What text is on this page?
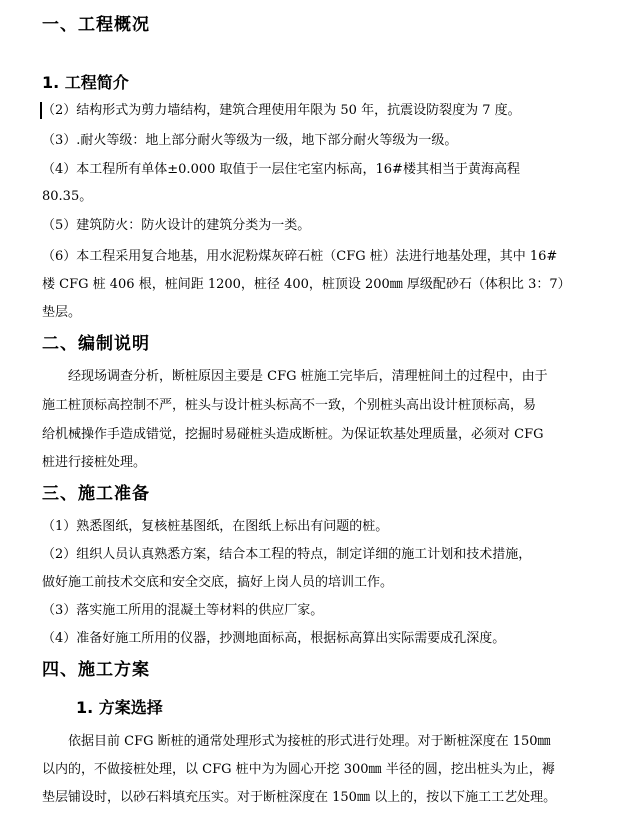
一、工程概况
1. 工程简介
（2）结构形式为剪力墙结构，建筑合理使用年限为 50 年，抗震设防裂度为 7 度。
（3）.耐火等级：地上部分耐火等级为一级，地下部分耐火等级为一级。
（4）本工程所有单体±0.000 取值于一层住宅室内标高，16#楼其相当于黄海高程
80.35。
（5）建筑防火：防火设计的建筑分类为一类。
（6）本工程采用复合地基，用水泥粉煤灰碎石桩（CFG 桩）法进行地基处理，其中 16#
楼 CFG 桩 406 根，桩间距 1200，桩径 400，桩顶设 200㎜ 厚级配砂石（体积比 3：7）
垫层。
二、编制说明
经现场调查分析，断桩原因主要是 CFG 桩施工完毕后，清理桩间土的过程中，由于
施工桩顶标高控制不严，桩头与设计桩头标高不一致，个别桩头高出设计桩顶标高，易
给机械操作手造成错觉，挖掘时易碰桩头造成断桩。为保证软基处理质量，必须对 CFG
桩进行接桩处理。
三、施工准备
（1）熟悉图纸，复核桩基图纸，在图纸上标出有问题的桩。
（2）组织人员认真熟悉方案，结合本工程的特点，制定详细的施工计划和技术措施，
做好施工前技术交底和安全交底，搞好上岗人员的培训工作。
（3）落实施工所用的混凝土等材料的供应厂家。
（4）准备好施工所用的仪器，抄测地面标高，根据标高算出实际需要成孔深度。
四、施工方案
1. 方案选择
依据目前 CFG 断桩的通常处理形式为接桩的形式进行处理。对于断桩深度在 150㎜
以内的，不做接桩处理，以 CFG 桩中为为圆心开挖 300㎜ 半径的圆，挖出桩头为止，褥
垫层铺设时，以砂石料填充压实。对于断桩深度在 150㎜ 以上的，按以下施工工艺处理。
